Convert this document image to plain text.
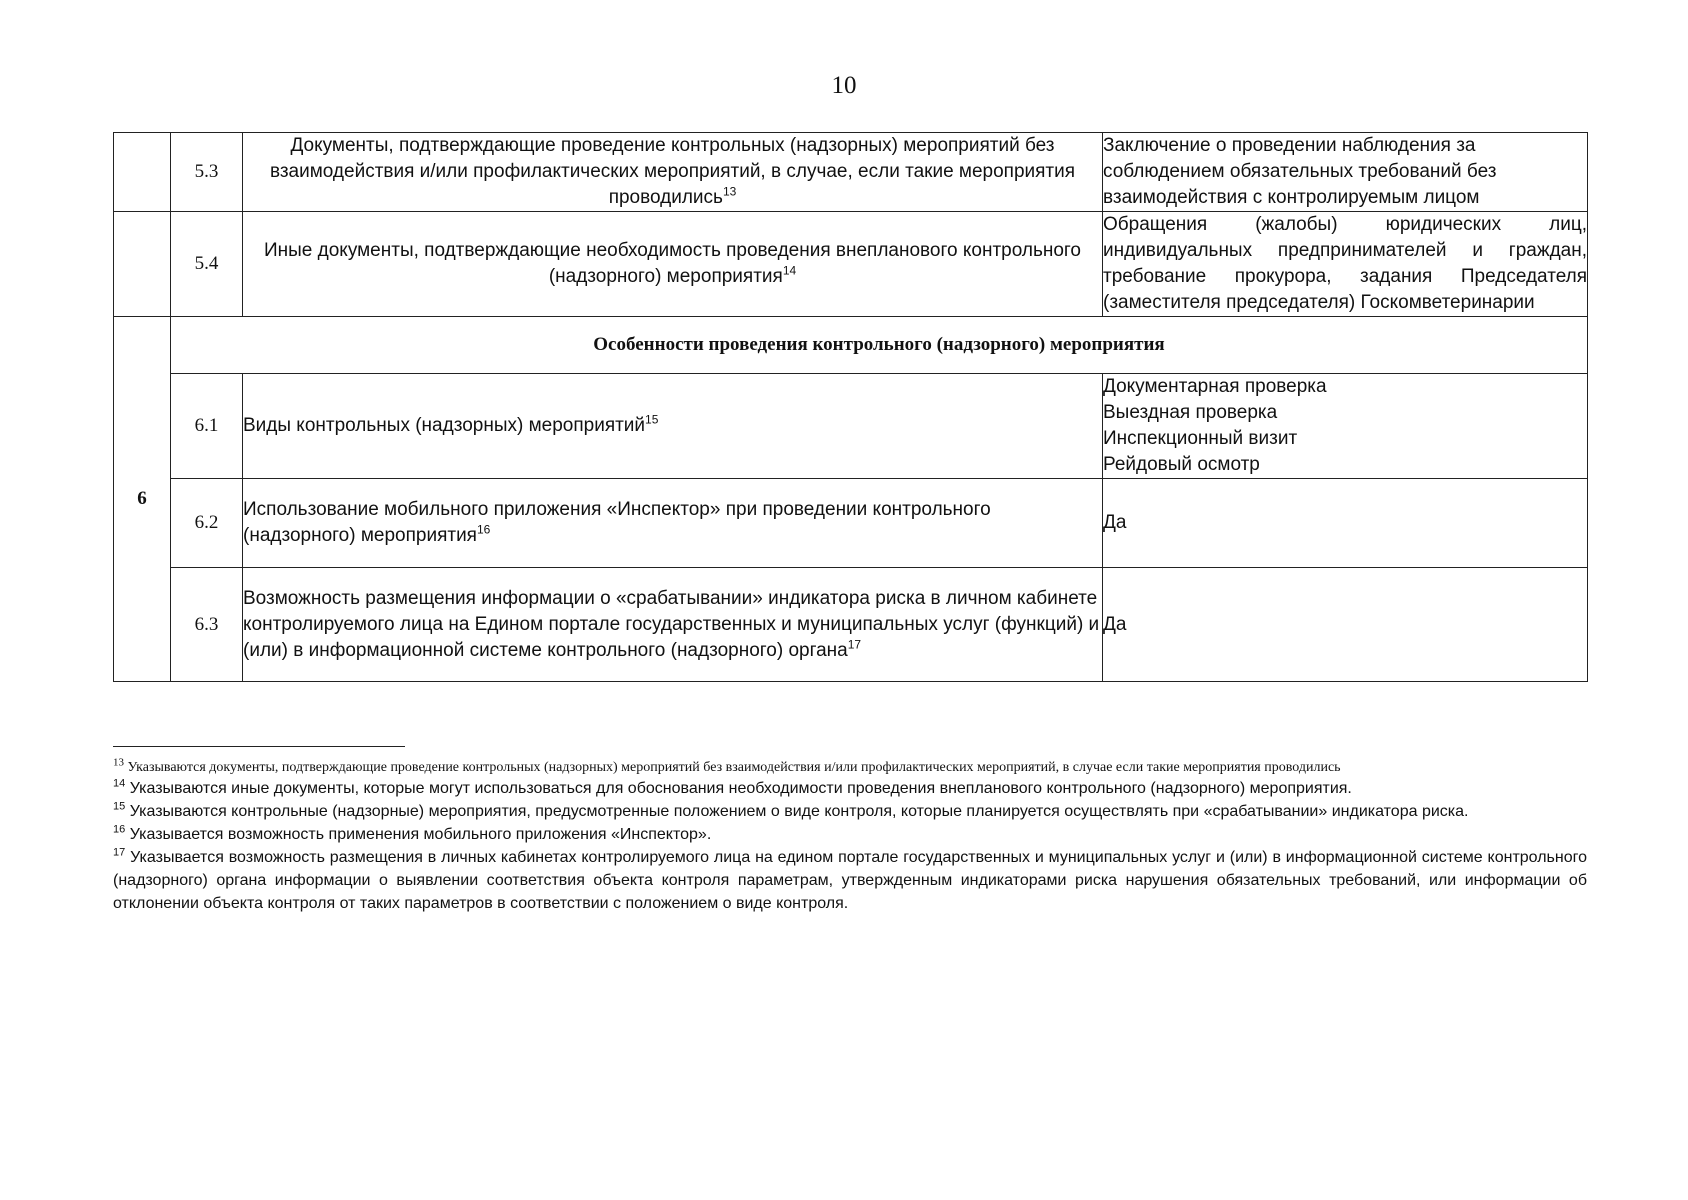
10
	5.3	Документы, подтверждающие проведение контрольных (надзорных) мероприятий без взаимодействия и/или профилактических мероприятий, в случае, если такие мероприятия проводились$^{13}$	Заключение о проведении наблюдения за соблюдением обязательных требований без взаимодействия с контролируемым лицом
	5.4	Иные документы, подтверждающие необходимость проведения внепланового контрольного (надзорного) мероприятия$^{14}$	Обращения (жалобы) юридических лиц, индивидуальных предпринимателей и граждан, требование прокурора, задания Председателя (заместителя председателя) Госкомветеринарии
6	Особенности проведения контрольного (надзорного) мероприятия		
	6.1	Виды контрольных (надзорных) мероприятий$^{15}$	Документарная проверка
Выездная проверка
Инспекционный визит
Рейдовый осмотр

	6.2	Использование мобильного приложения «Инспектор» при проведении контрольного (надзорного) мероприятия$^{16}$	Да
	6.3	Возможность размещения информации о «срабатывании» индикатора риска в личном кабинете контролируемого лица на Едином портале государственных и муниципальных услуг (функций) и (или) в информационной системе контрольного (надзорного) органа$^{17}$	Да

$^{13}$ Указываются документы, подтверждающие проведение контрольных (надзорных) мероприятий без взаимодействия и/или профилактических мероприятий, в случае если такие мероприятия проводились

$^{14}$ Указываются иные документы, которые могут использоваться для обоснования необходимости проведения внепланового контрольного (надзорного) мероприятия.

$^{15}$ Указываются контрольные (надзорные) мероприятия, предусмотренные положением о виде контроля, которые планируется осуществлять при «срабатывании» индикатора риска.

$^{16}$ Указывается возможность применения мобильного приложения «Инспектор».

$^{17}$ Указывается возможность размещения в личных кабинетах контролируемого лица на едином портале государственных и муниципальных услуг и (или) в информационной системе контрольного (надзорного) органа информации о выявлении соответствия объекта контроля параметрам, утвержденным индикаторами риска нарушения обязательных требований, или информации об отклонении объекта контроля от таких параметров в соответствии с положением о виде контроля.
